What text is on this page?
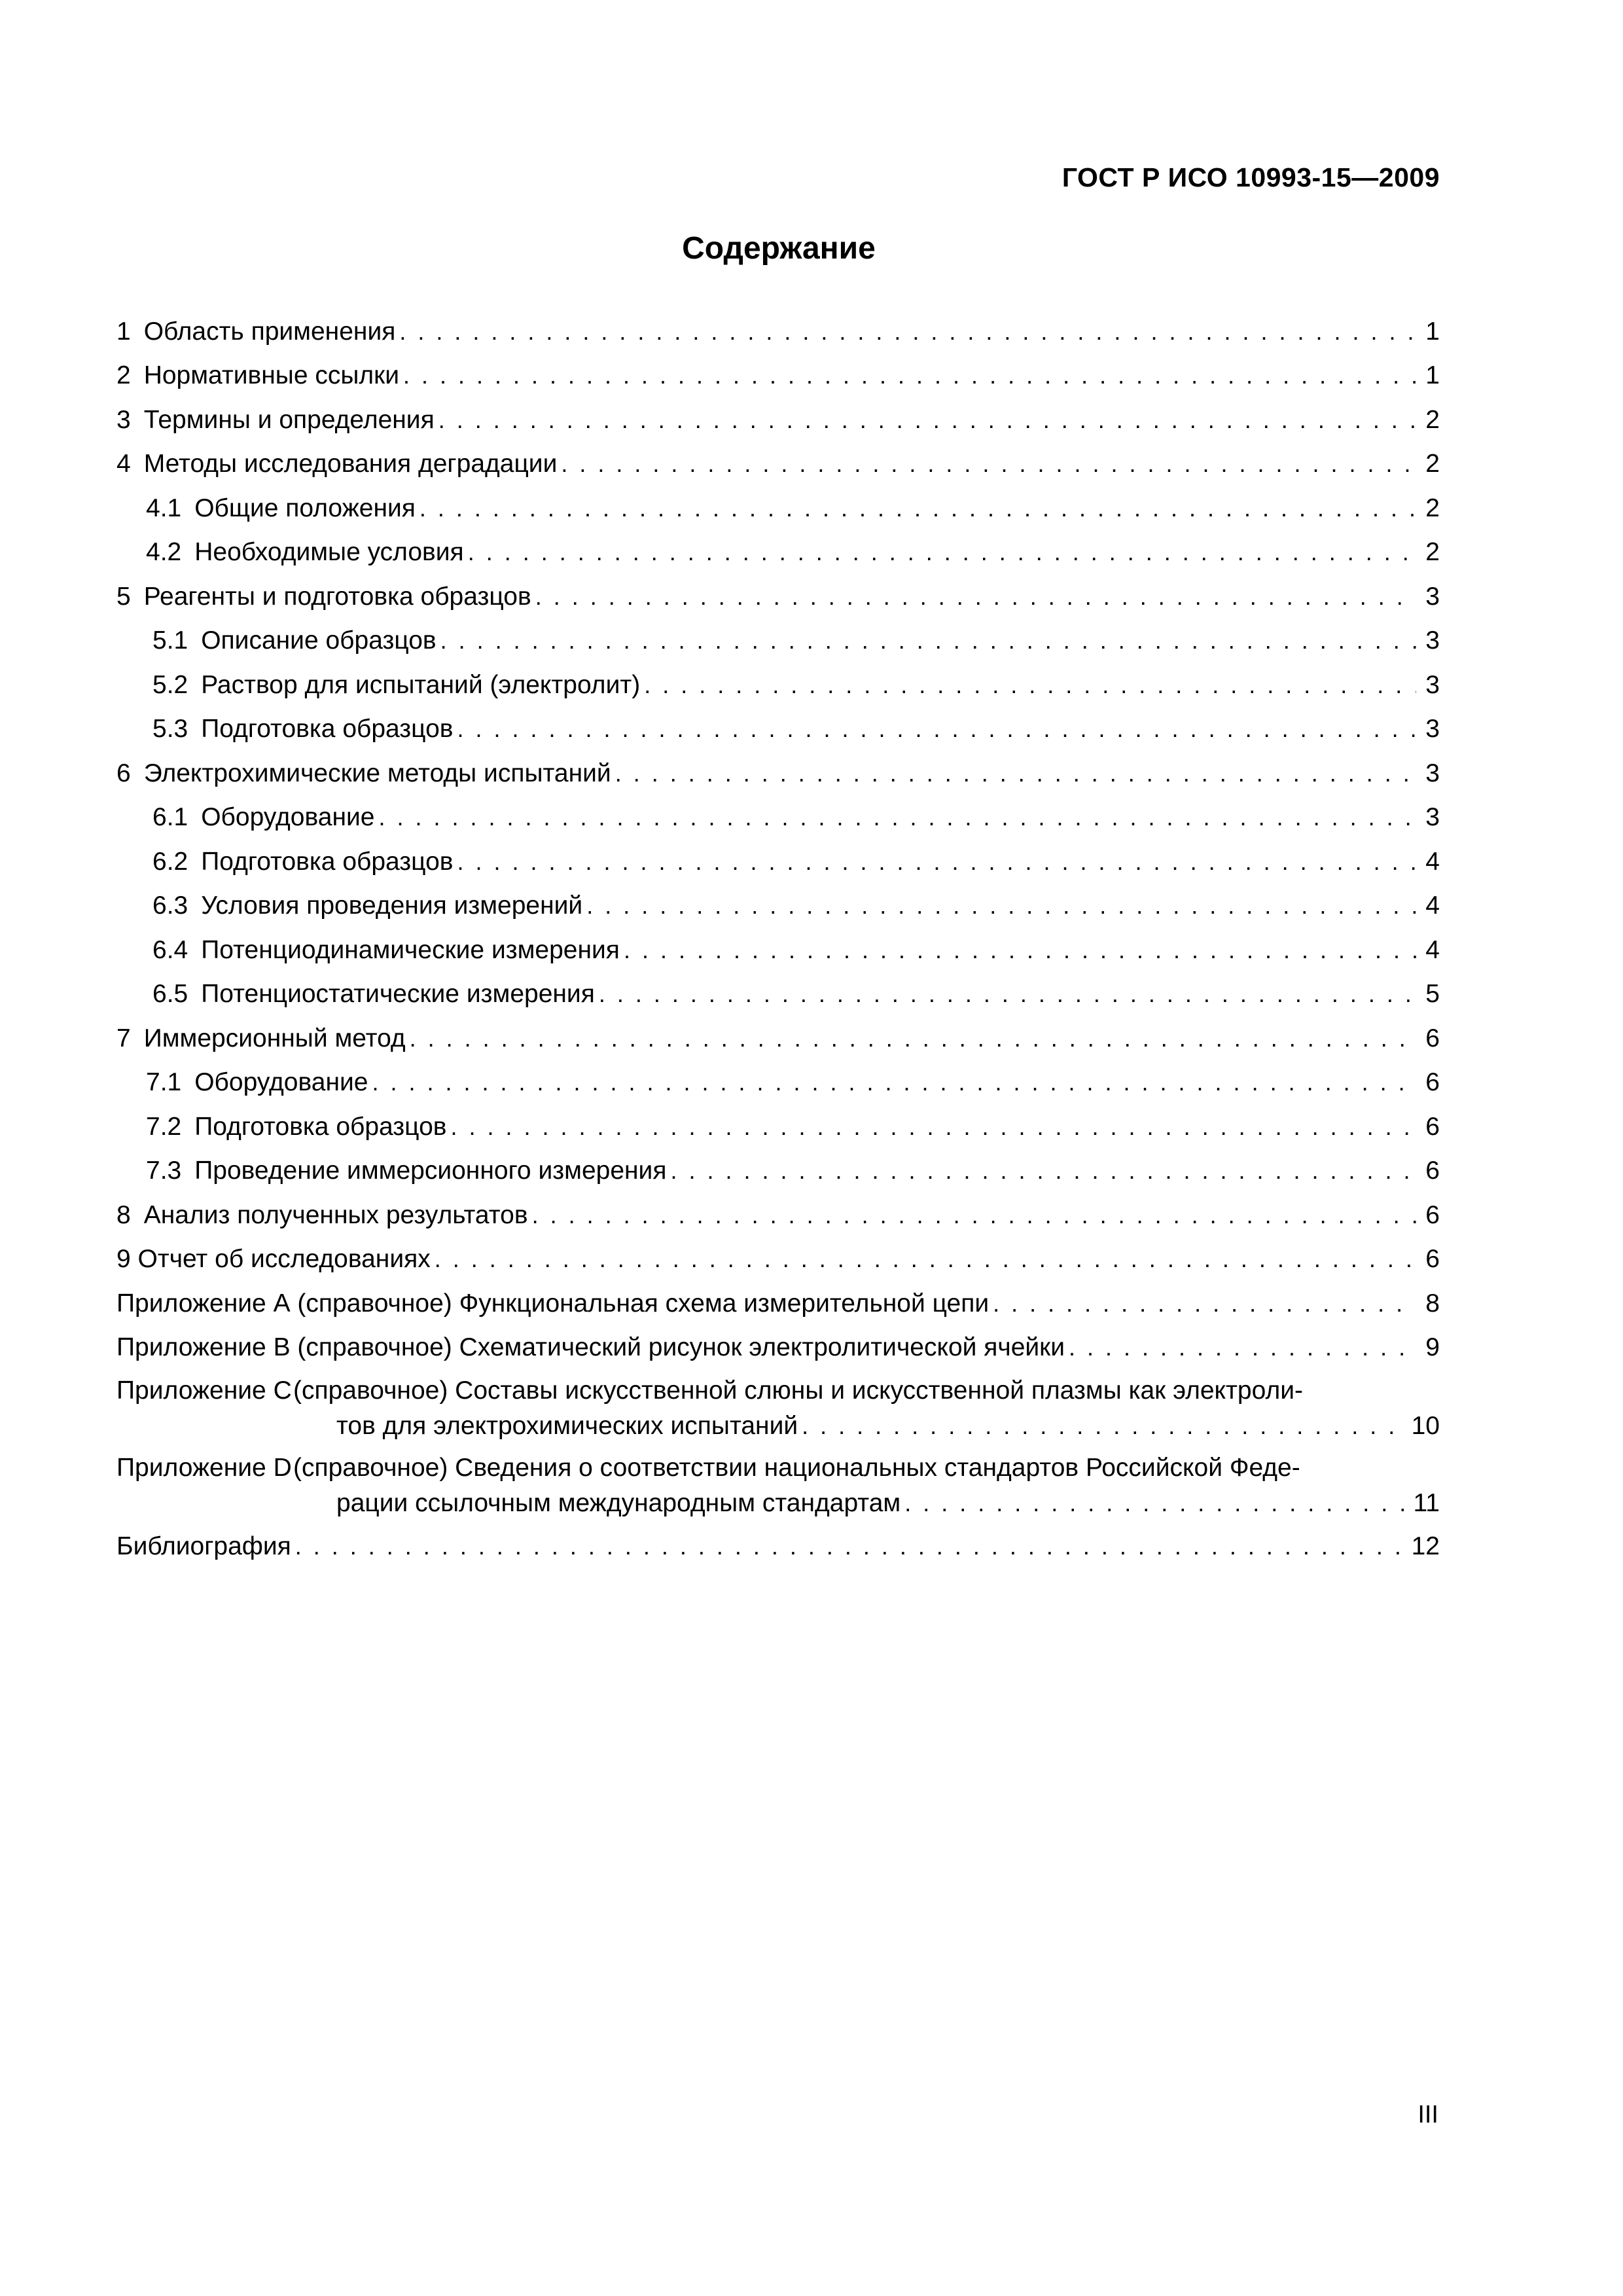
ГОСТ Р ИСО 10993-15—2009
Содержание
1 Область применения .....	1
2 Нормативные ссылки .....	1
3 Термины и определения .....	2
4 Методы исследования деградации .....	2
4.1 Общие положения .....	2
4.2 Необходимые условия .....	2
5 Реагенты и подготовка образцов .....	3
5.1 Описание образцов .....	3
5.2 Раствор для испытаний (электролит) .....	3
5.3 Подготовка образцов .....	3
6 Электрохимические методы испытаний .....	3
6.1 Оборудование .....	3
6.2 Подготовка образцов .....	4
6.3 Условия проведения измерений .....	4
6.4 Потенциодинамические измерения .....	4
6.5 Потенциостатические измерения .....	5
7 Иммерсионный метод .....	6
7.1 Оборудование .....	6
7.2 Подготовка образцов .....	6
7.3 Проведение иммерсионного измерения .....	6
8 Анализ полученных результатов .....	6
9 Отчет об исследованиях .....	6
Приложение А (справочное) Функциональная схема измерительной цепи .....	8
Приложение В (справочное) Схематический рисунок электролитической ячейки .....	9
Приложение С (справочное) Составы искусственной слюны и искусственной плазмы как электроли-
тов для электрохимических испытаний .....	10
Приложение D (справочное) Сведения о соответствии национальных стандартов Российской Феде-
рации ссылочным международным стандартам .....	11
Библиография .....	12
III
